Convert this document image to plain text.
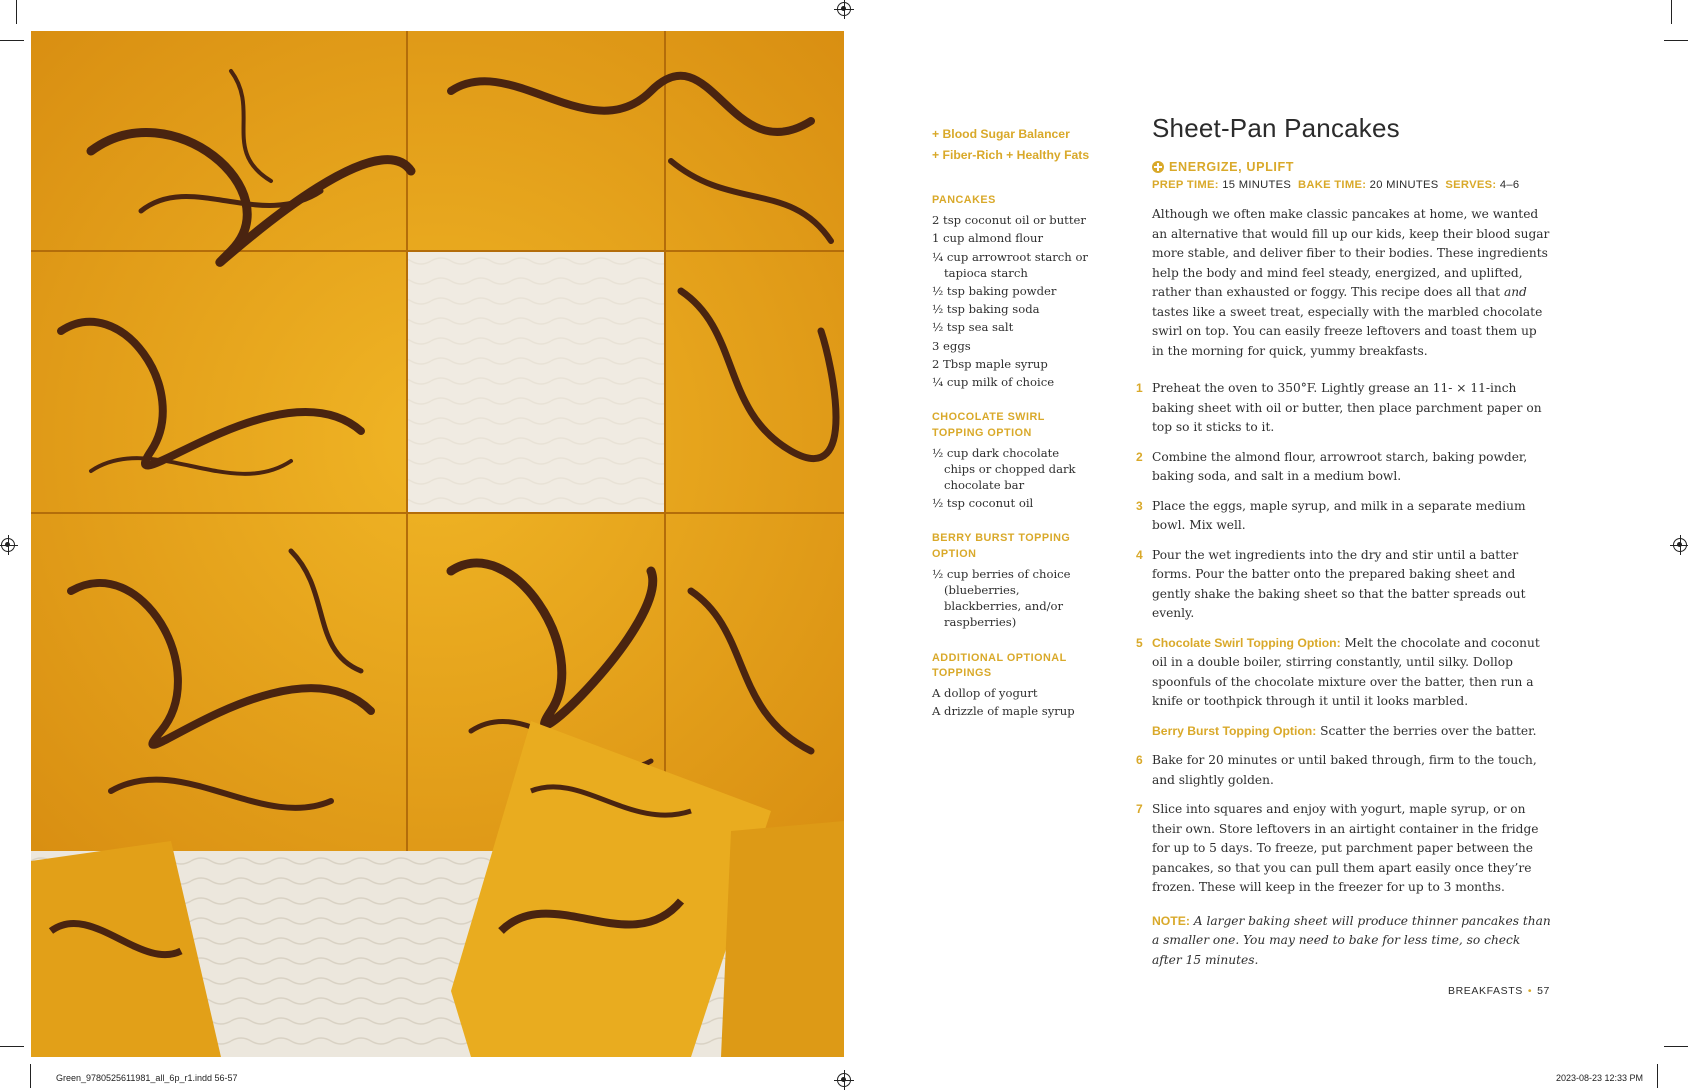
+ Blood Sugar Balancer
+ Fiber-Rich + Healthy Fats
PANCAKES
2 tsp coconut oil or butter
1 cup almond flour
¼ cup arrowroot starch or tapioca starch
½ tsp baking powder
½ tsp baking soda
½ tsp sea salt
3 eggs
2 Tbsp maple syrup
¼ cup milk of choice
CHOCOLATE SWIRL TOPPING OPTION
½ cup dark chocolate chips or chopped dark chocolate bar
½ tsp coconut oil
BERRY BURST TOPPING OPTION
½ cup berries of choice (blueberries, blackberries, and/or raspberries)
ADDITIONAL OPTIONAL TOPPINGS
A dollop of yogurt
A drizzle of maple syrup
Sheet-Pan Pancakes
ENERGIZE, UPLIFT
PREP TIME: 15 MINUTES BAKE TIME: 20 MINUTES SERVES: 4–6

Although we often make classic pancakes at home, we wanted an alternative that would fill up our kids, keep their blood sugar more stable, and deliver fiber to their bodies. These ingredients help the body and mind feel steady, energized, and uplifted, rather than exhausted or foggy. This recipe does all that and tastes like a sweet treat, especially with the marbled chocolate swirl on top. You can easily freeze leftovers and toast them up in the morning for quick, yummy breakfasts.

1 Preheat the oven to 350°F. Lightly grease an 11- × 11-inch baking sheet with oil or butter, then place parchment paper on top so it sticks to it.
2 Combine the almond flour, arrowroot starch, baking powder, baking soda, and salt in a medium bowl.
3 Place the eggs, maple syrup, and milk in a separate medium bowl. Mix well.
4 Pour the wet ingredients into the dry and stir until a batter forms. Pour the batter onto the prepared baking sheet and gently shake the baking sheet so that the batter spreads out evenly.
5 Chocolate Swirl Topping Option: Melt the chocolate and coconut oil in a double boiler, stirring constantly, until silky. Dollop spoonfuls of the chocolate mixture over the batter, then run a knife or toothpick through it until it looks marbled.
Berry Burst Topping Option: Scatter the berries over the batter.
6 Bake for 20 minutes or until baked through, firm to the touch, and slightly golden.
7 Slice into squares and enjoy with yogurt, maple syrup, or on their own. Store leftovers in an airtight container in the fridge for up to 5 days. To freeze, put parchment paper between the pancakes, so that you can pull them apart easily once they’re frozen. These will keep in the freezer for up to 3 months.

NOTE: A larger baking sheet will produce thinner pancakes than a smaller one. You may need to bake for less time, so check after 15 minutes.

BREAKFASTS • 57
Green_9780525611981_all_6p_r1.indd 56-57	2023-08-23 12:33 PM
